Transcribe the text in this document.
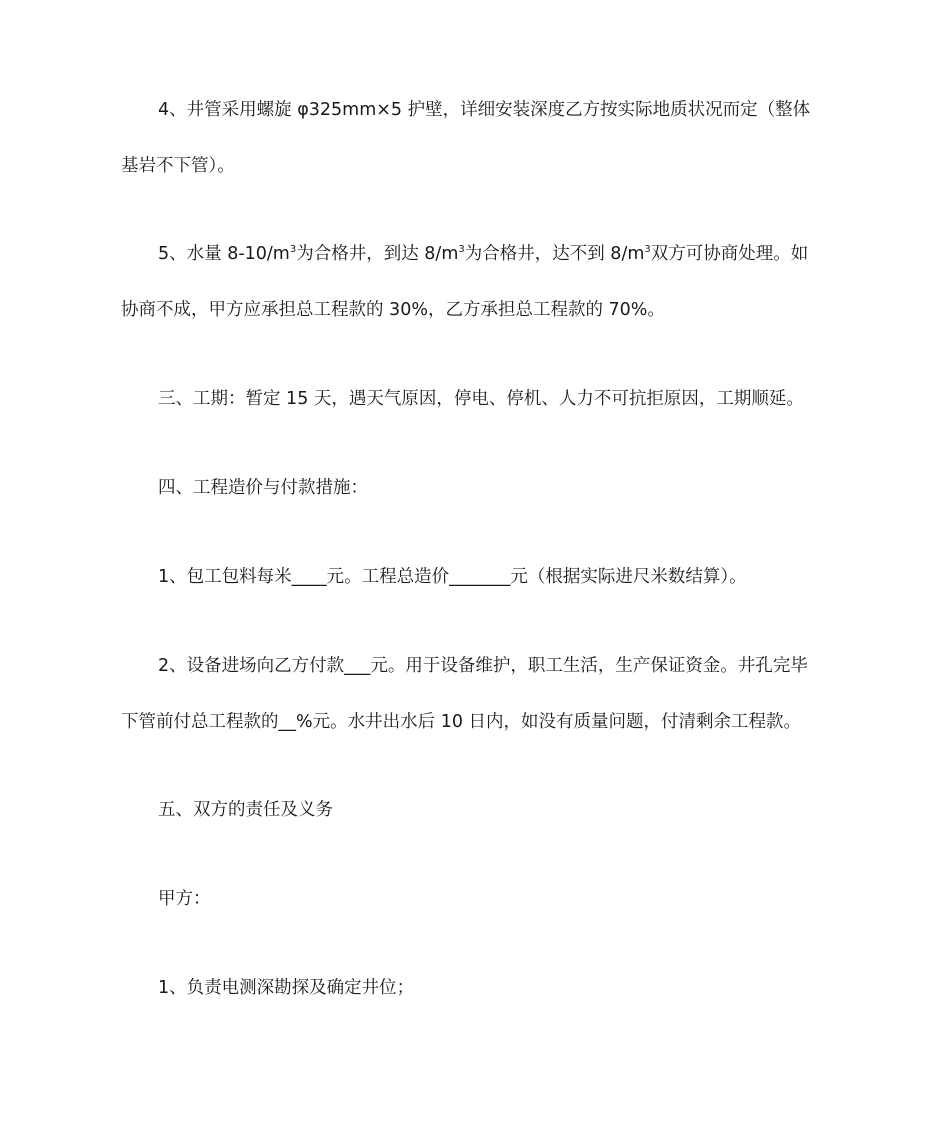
4、井管采用螺旋 φ325mm×5 护壁，详细安装深度乙方按实际地质状况而定（整体
基岩不下管）。
5、水量 $8-10/m^3$为合格井，到达 $8/m^3$为合格井，达不到 $8/m^3$双方可协商处理。如
协商不成，甲方应承担总工程款的 30%，乙方承担总工程款的 70%。
三、工期：暂定 15 天，遇天气原因，停电、停机、人力不可抗拒原因，工期顺延。
四、工程造价与付款措施：
1、包工包料每米____元。工程总造价_______元（根据实际进尺米数结算）。
2、设备进场向乙方付款___元。用于设备维护，职工生活，生产保证资金。井孔完毕
下管前付总工程款的__%元。水井出水后 10 日内，如没有质量问题，付清剩余工程款。
五、双方的责任及义务
甲方：
1、负责电测深勘探及确定井位；
